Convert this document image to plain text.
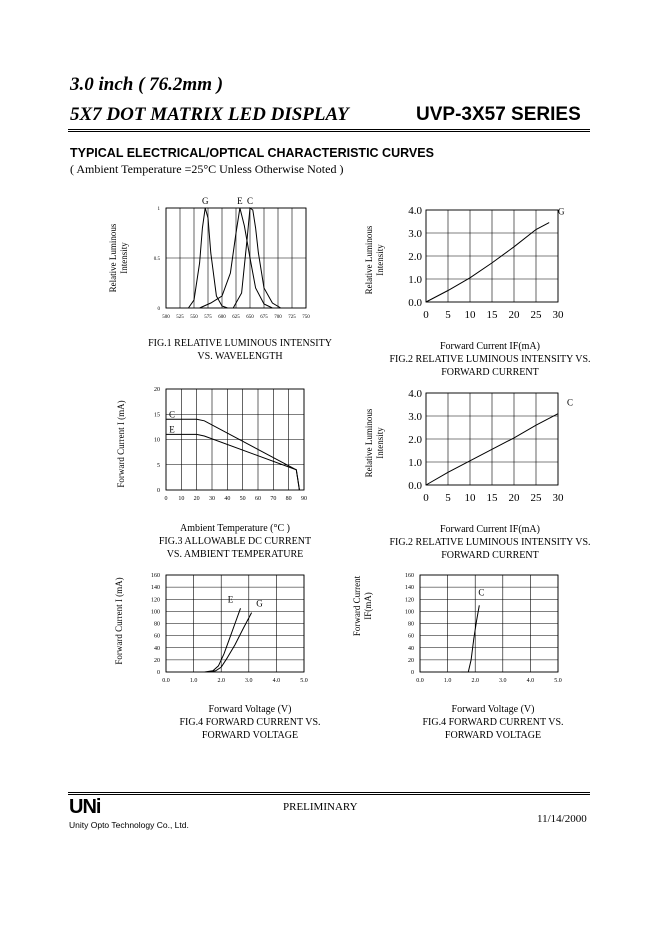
3.0 inch ( 76.2mm )
5X7 DOT MATRIX LED DISPLAY	UVP-3X57 SERIES
TYPICAL ELECTRICAL/OPTICAL CHARACTERISTIC CURVES
( Ambient Temperature =25°C Unless Otherwise Noted )
500 525 550 575 600 625 650 675 700 725 750
0
0.5
1
Relative LuminousIntensity
G	E C
0 5 10 15 20 25 30
0.0
1.0
2.0
3.0
4.0
Relative LuminousIntensity
G
0 10 20 30 40 50 60 70 80 90
0
5
10
15
20
Forward Current I (mA)	C
E
0 5 10 15 20 25 30
0.0
1.0
2.0
3.0
4.0
Relative LuminousIntensity
C
0.0	1.0	2.0	3.0	4.0	5.0
0
20
40
60
80
100
120
140
160
Forward Current I (mA)	E	G
0.0	1.0	2.0	3.0	4.0	5.0
0
20
40
60
80
100
120
140
160
Forward CurrentIF(mA)	C
FIG.1 RELATIVE LUMINOUS INTENSITY
VS. WAVELENGTH
Forward Current IF(mA)
FIG.2 RELATIVE LUMINOUS INTENSITY VS.
FORWARD CURRENT
Ambient Temperature (°C )
FIG.3 ALLOWABLE DC CURRENT
VS. AMBIENT TEMPERATURE
Forward Current IF(mA)
FIG.2 RELATIVE LUMINOUS INTENSITY VS.
FORWARD CURRENT
Forward Voltage (V)
FIG.4 FORWARD CURRENT VS.
FORWARD VOLTAGE
Forward Voltage (V)
FIG.4 FORWARD CURRENT VS.
FORWARD VOLTAGE
UNi
Unity Opto Technology Co., Ltd.
PRELIMINARY
11/14/2000
